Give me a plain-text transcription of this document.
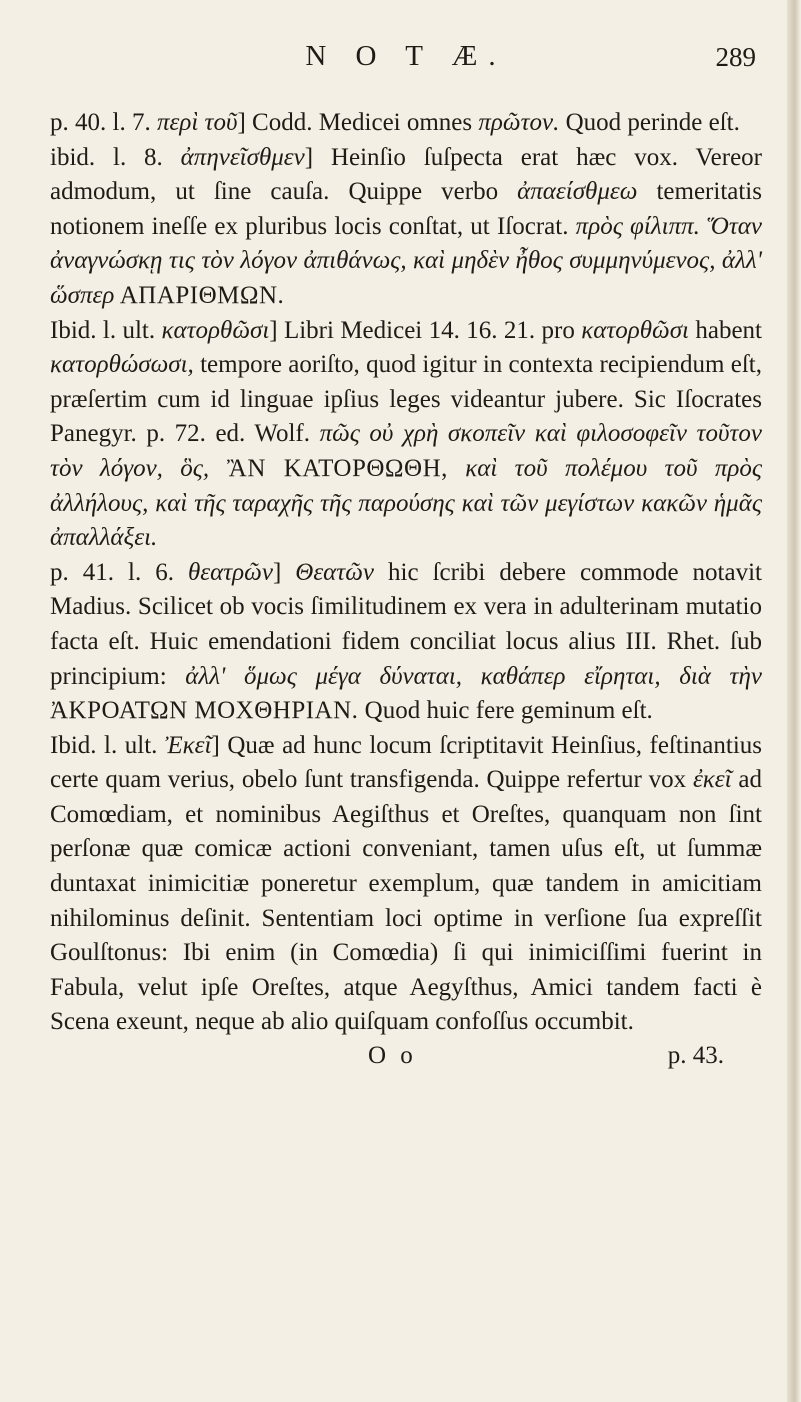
N O T Æ.	289

p. 40. l. 7. περὶ τοῦ] Codd. Medicei omnes πρῶτον. Quod perinde eſt.

ibid. l. 8. ἀπηνεῖσθμεν] Heinſio ſuſpecta erat hæc vox. Vereor admodum, ut ſine cauſa. Quippe verbo ἀπαείσθμεω temeritatis notionem ineſſe ex pluribus locis conſtat, ut Iſocrat. πρὸς φίλιππ. Ὅταν ἀναγνώσκῃ τις τὸν λόγον ἀπιθάνως, καὶ μηδὲν ἦθος συμμηνύμενος, ἀλλ' ὥσπερ ΑΠΑΡΙΘΜΩΝ.

Ibid. l. ult. κατορθῶσι] Libri Medicei 14. 16. 21. pro κατορθῶσι habent κατορθώσωσι, tempore aoriſto, quod igitur in contexta recipiendum eſt, præſertim cum id linguae ipſius leges videantur jubere. Sic Iſocrates Panegyr. p. 72. ed. Wolf. πῶς οὐ χρὴ σκοπεῖν καὶ φιλοσοφεῖν τοῦτον τὸν λόγον, ὃς, ἊΝ ΚΑΤΟΡΘΩΘΗ, καὶ τοῦ πολέμου τοῦ πρὸς ἀλλήλους, καὶ τῆς ταραχῆς τῆς παρούσης καὶ τῶν μεγίστων κακῶν ἡμᾶς ἀπαλλάξει.

p. 41. l. 6. θεατρῶν] Θεατῶν hic ſcribi debere commode notavit Madius. Scilicet ob vocis ſimilitudinem ex vera in adulterinam mutatio facta eſt. Huic emendationi fidem conciliat locus alius III. Rhet. ſub principium: ἀλλ' ὅμως μέγα δύναται, καθάπερ εἴρηται, διὰ τὴν ἈΚΡΟΑΤΩΝ ΜΟΧΘΗΡΙΑΝ. Quod huic fere geminum eſt.

Ibid. l. ult. Ἐκεῖ] Quæ ad hunc locum ſcriptitavit Heinſius, feſtinantius certe quam verius, obelo ſunt transfigenda. Quippe refertur vox ἐκεῖ ad Comœdiam, et nominibus Aegiſthus et Oreſtes, quanquam non ſint perſonæ quæ comicæ actioni conveniant, tamen uſus eſt, ut ſummæ duntaxat inimicitiæ poneretur exemplum, quæ tandem in amicitiam nihilominus deſinit. Sententiam loci optime in verſione ſua expreſſit Goulſtonus: Ibi enim (in Comœdia) ſi qui inimiciſſimi fuerint in Fabula, velut ipſe Oreſtes, atque Aegyſthus, Amici tandem facti è Scena exeunt, neque ab alio quiſquam confoſſus occumbit.

O o	p. 43.
